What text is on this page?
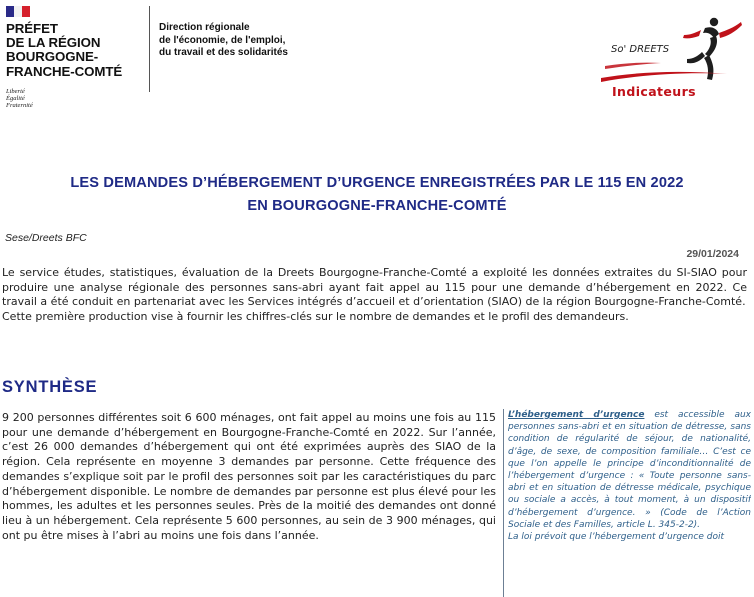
PRÉFET
DE LA RÉGION
BOURGOGNE-
FRANCHE-COMTÉ
Liberté
Égalité
Fraternité
Direction régionale
de l'économie, de l'emploi,
du travail et des solidarités	So' DREETS
Indicateurs
LES DEMANDES D’HÉBERGEMENT D’URGENCE ENREGISTRÉES PAR LE 115 EN 2022
EN BOURGOGNE-FRANCHE-COMTÉ
Sese/Dreets BFC
29/01/2024

Le service études, statistiques, évaluation de la Dreets Bourgogne-Franche-Comté a exploité les données extraites du SI-SIAO pour produire une analyse régionale des personnes sans-abri ayant fait appel au 115 pour une demande d’hébergement en 2022. Ce travail a été conduit en partenariat avec les Services intégrés d’accueil et d’orientation (SIAO) de la région Bourgogne-Franche-Comté.

Cette première production vise à fournir les chiffres-clés sur le nombre de demandes et le profil des demandeurs.

SYNTHÈSE

9 200 personnes différentes soit 6 600 ménages, ont fait appel au moins une fois au 115 pour une demande d’hébergement en Bourgogne-Franche-Comté en 2022. Sur l’année, c’est 26 000 demandes d’hébergement qui ont été exprimées auprès des SIAO de la région. Cela représente en moyenne 3 demandes par personne. Cette fréquence des demandes s’explique soit par le profil des personnes soit par les caractéristiques du parc d’hébergement disponible. Le nombre de demandes par personne est plus élevé pour les hommes, les adultes et les personnes seules. Près de la moitié des demandes ont donné lieu à un hébergement. Cela représente 5 600 personnes, au sein de 3 900 ménages, qui ont pu être mises à l’abri au moins une fois dans l’année.

L’hébergement d’urgence est accessible aux personnes sans-abri et en situation de détresse, sans condition de régularité de séjour, de nationalité, d’âge, de sexe, de composition familiale… C’est ce que l’on appelle le principe d’inconditionnalité de l’hébergement d’urgence : « Toute personne sans-abri et en situation de détresse médicale, psychique ou sociale a accès, à tout moment, à un dispositif d’hébergement d’urgence. » (Code de l’Action Sociale et des Familles, article L. 345-2-2).

La loi prévoit que l’hébergement d’urgence doit
